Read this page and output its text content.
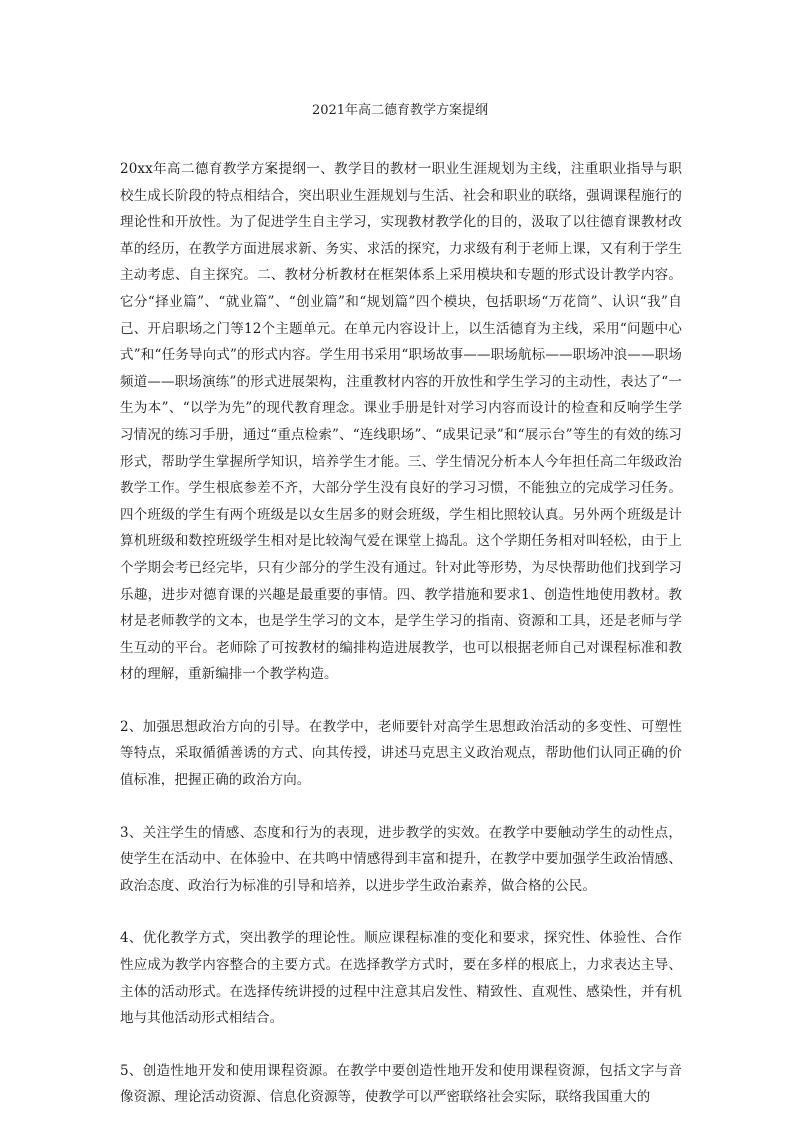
2021年高二德育教学方案提纲

20xx年高二德育教学方案提纲一、教学目的教材一职业生涯规划为主线，注重职业指导与职校生成长阶段的特点相结合，突出职业生涯规划与生活、社会和职业的联络，强调课程施行的理论性和开放性。为了促进学生自主学习，实现教材教学化的目的，汲取了以往德育课教材改革的经历，在教学方面进展求新、务实、求活的探究，力求级有利于老师上课，又有利于学生主动考虑、自主探究。二、教材分析教材在框架体系上采用模块和专题的形式设计教学内容。它分“择业篇”、“就业篇”、“创业篇”和“规划篇”四个模块，包括职场“万花筒”、认识“我”自己、开启职场之门等12个主题单元。在单元内容设计上，以生活德育为主线，采用“问题中心式”和“任务导向式”的形式内容。学生用书采用“职场故事——职场航标——职场冲浪——职场频道——职场演练”的形式进展架构，注重教材内容的开放性和学生学习的主动性，表达了“一生为本”、“以学为先”的现代教育理念。课业手册是针对学习内容而设计的检查和反响学生学习情况的练习手册，通过“重点检索”、“连线职场”、“成果记录”和“展示台”等生的有效的练习形式，帮助学生掌握所学知识，培养学生才能。三、学生情况分析本人今年担任高二年级政治教学工作。学生根底参差不齐，大部分学生没有良好的学习习惯，不能独立的完成学习任务。四个班级的学生有两个班级是以女生居多的财会班级，学生相比照较认真。另外两个班级是计算机班级和数控班级学生相对是比较淘气爱在课堂上捣乱。这个学期任务相对叫轻松，由于上个学期会考已经完毕，只有少部分的学生没有通过。针对此等形势，为尽快帮助他们找到学习乐趣，进步对德育课的兴趣是最重要的事情。四、教学措施和要求1、创造性地使用教材。教材是老师教学的文本，也是学生学习的文本，是学生学习的指南、资源和工具，还是老师与学生互动的平台。老师除了可按教材的编排构造进展教学，也可以根据老师自己对课程标准和教材的理解，重新编排一个教学构造。

2、加强思想政治方向的引导。在教学中，老师要针对高学生思想政治活动的多变性、可塑性等特点，采取循循善诱的方式、向其传授，讲述马克思主义政治观点，帮助他们认同正确的价值标准，把握正确的政治方向。

3、关注学生的情感、态度和行为的表现，进步教学的实效。在教学中要触动学生的动性点，使学生在活动中、在体验中、在共鸣中情感得到丰富和提升，在教学中要加强学生政治情感、政治态度、政治行为标准的引导和培养，以进步学生政治素养，做合格的公民。

4、优化教学方式，突出教学的理论性。顺应课程标准的变化和要求，探究性、体验性、合作性应成为教学内容整合的主要方式。在选择教学方式时，要在多样的根底上，力求表达主导、主体的活动形式。在选择传统讲授的过程中注意其启发性、精致性、直观性、感染性，并有机地与其他活动形式相结合。

5、创造性地开发和使用课程资源。在教学中要创造性地开发和使用课程资源，包括文字与音像资源、理论活动资源、信息化资源等，使教学可以严密联络社会实际，联络我国重大的
